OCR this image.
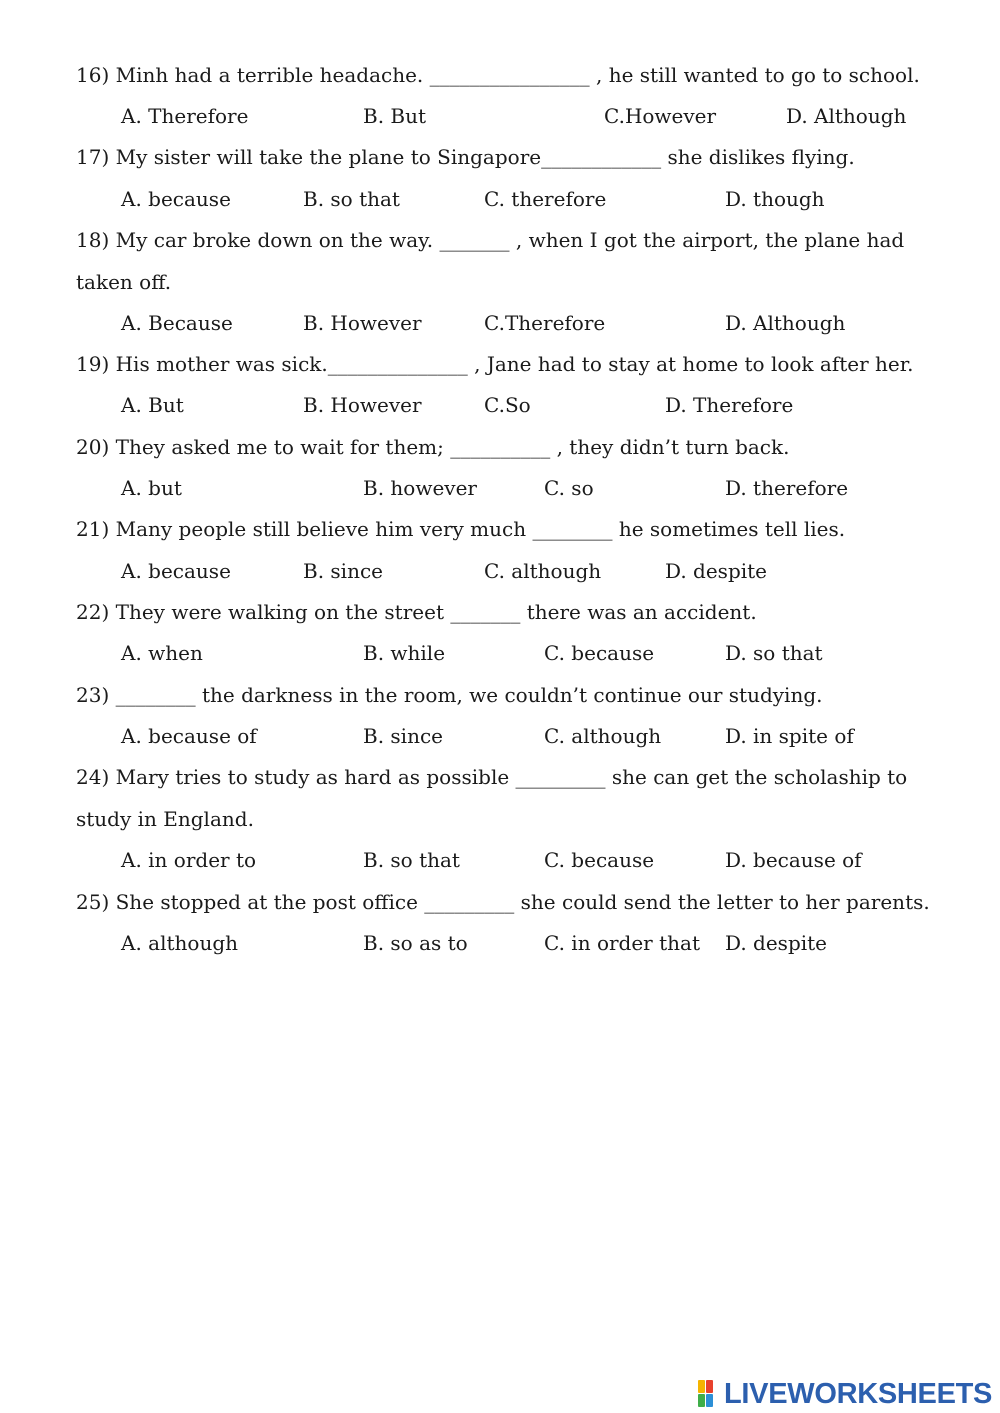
16) Minh had a terrible headache. ________________ , he still wanted to go to school.
A. Therefore	B. But	C.However	D. Although
17) My sister will take the plane to Singapore____________ she dislikes flying.
A. because	B. so that	C. therefore	D. though
18) My car broke down on the way. _______ , when I got the airport, the plane had
taken off.
A. Because	B. However	C.Therefore	D. Although
19) His mother was sick.______________ , Jane had to stay at home to look after her.
A. But	B. However	C.So	D. Therefore
20) They asked me to wait for them; __________ , they didn’t turn back.
A. but	B. however	C. so	D. therefore
21) Many people still believe him very much ________ he sometimes tell lies.
A. because	B. since	C. although	D. despite
22) They were walking on the street _______ there was an accident.
A. when	B. while	C. because	D. so that
23) ________ the darkness in the room, we couldn’t continue our studying.
A. because of	B. since	C. although	D. in spite of
24) Mary tries to study as hard as possible _________ she can get the scholaship to
study in England.
A. in order to	B. so that	C. because	D. because of
25) She stopped at the post office _________ she could send the letter to her parents.
A. although	B. so as to	C. in order that D. despite
LIVEWORKSHEETS
